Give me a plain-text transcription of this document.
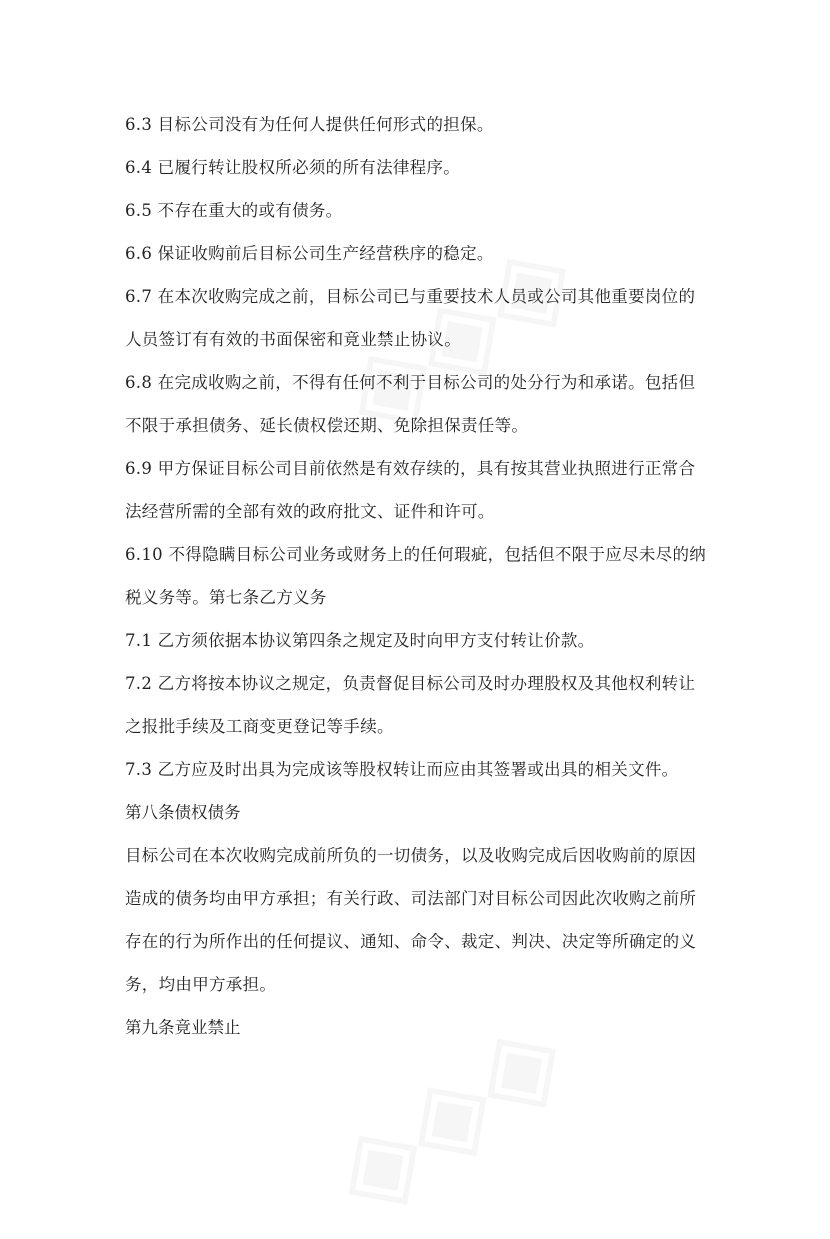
6.3 目标公司没有为任何人提供任何形式的担保。

6.4 已履行转让股权所必须的所有法律程序。

6.5 不存在重大的或有债务。

6.6 保证收购前后目标公司生产经营秩序的稳定。

6.7 在本次收购完成之前，目标公司已与重要技术人员或公司其他重要岗位的人员签订有有效的书面保密和竟业禁止协议。

6.8 在完成收购之前，不得有任何不利于目标公司的处分行为和承诺。包括但不限于承担债务、延长债权偿还期、免除担保责任等。

6.9 甲方保证目标公司目前依然是有效存续的，具有按其营业执照进行正常合法经营所需的全部有效的政府批文、证件和许可。

6.10 不得隐瞒目标公司业务或财务上的任何瑕疵，包括但不限于应尽未尽的纳税义务等。第七条乙方义务

7.1 乙方须依据本协议第四条之规定及时向甲方支付转让价款。

7.2 乙方将按本协议之规定，负责督促目标公司及时办理股权及其他权利转让之报批手续及工商变更登记等手续。

7.3 乙方应及时出具为完成该等股权转让而应由其签署或出具的相关文件。

第八条债权债务

目标公司在本次收购完成前所负的一切债务，以及收购完成后因收购前的原因造成的债务均由甲方承担；有关行政、司法部门对目标公司因此次收购之前所存在的行为所作出的任何提议、通知、命令、裁定、判决、决定等所确定的义务，均由甲方承担。

第九条竟业禁止
